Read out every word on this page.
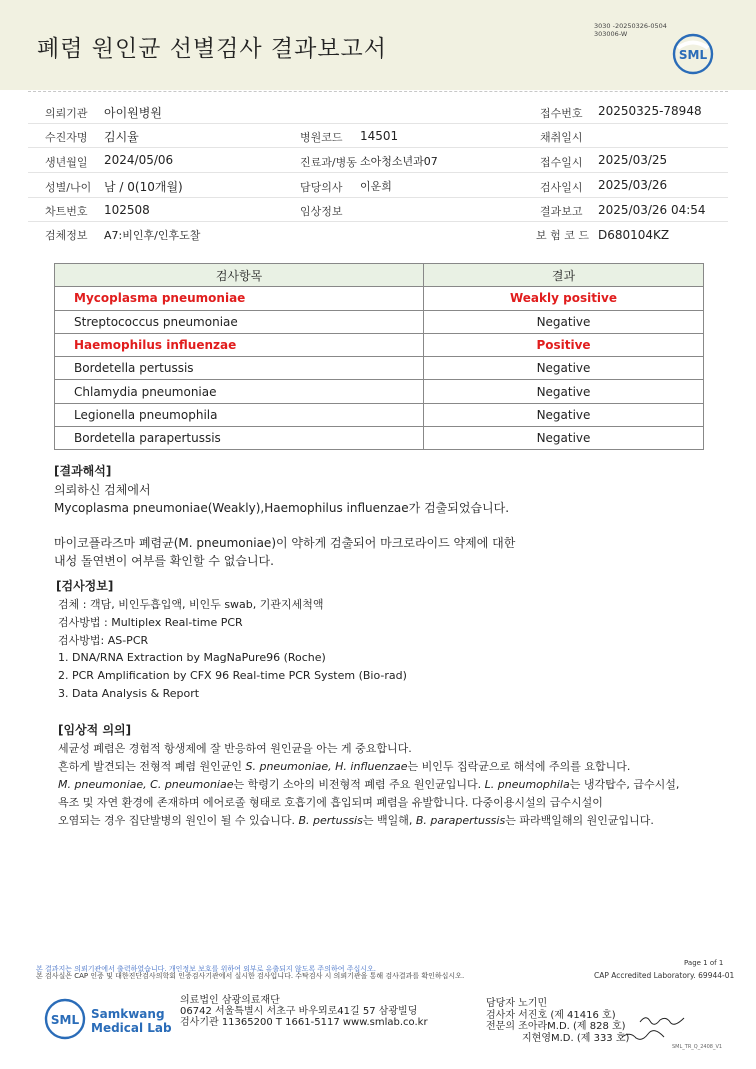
폐렴 원인균 선별검사 결과보고서
3030 -20250326-0504
303006-W
SML
의뢰기관 아이원병원	접수번호 20250325-78948
수진자명 김시율	병원코드 14501	채취일시
생년월일 2024/05/06	진료과/병동 소아청소년과07	접수일시 2025/03/25
성별/나이 남 / 0(10개월)	담당의사 이운희	검사일시 2025/03/26
차트번호 102508	임상정보	결과보고 2025/03/26 04:54
검체정보 A7:비인후/인후도찰	보 험 코 드 D680104KZ
검사항목	결과
Mycoplasma pneumoniae	Weakly positive
Streptococcus pneumoniae	Negative
Haemophilus influenzae	Positive
Bordetella pertussis	Negative
Chlamydia pneumoniae	Negative
Legionella pneumophila	Negative
Bordetella parapertussis	Negative
[결과해석]
의뢰하신 검체에서
Mycoplasma pneumoniae(Weakly),Haemophilus influenzae가 검출되었습니다.
마이코플라즈마 폐렴균(M. pneumoniae)이 약하게 검출되어 마크로라이드 약제에 대한
내성 돌연변이 여부를 확인할 수 없습니다.
[검사정보]
검체 : 객담, 비인두흡입액, 비인두 swab, 기관지세척액
검사방법 : Multiplex Real-time PCR
검사방법: AS-PCR
1. DNA/RNA Extraction by MagNaPure96 (Roche)
2. PCR Amplification by CFX 96 Real-time PCR System (Bio-rad)
3. Data Analysis & Report
[임상적 의의]
세균성 폐렴은 경험적 항생제에 잘 반응하여 원인균을 아는 게 중요합니다.
흔하게 발견되는 전형적 폐렴 원인균인 S. pneumoniae, H. influenzae는 비인두 집락균으로 해석에 주의를 요합니다.
M. pneumoniae, C. pneumoniae는 학령기 소아의 비전형적 폐렴 주요 원인균입니다. L. pneumophila는 냉각탑수, 급수시설,
욕조 및 자연 환경에 존재하며 에어로졸 형태로 호흡기에 흡입되며 폐렴을 유발합니다. 다중이용시설의 급수시설이
오염되는 경우 집단발병의 원인이 될 수 있습니다. B. pertussis는 백일해, B. parapertussis는 파라백일해의 원인균입니다.
Page 1 of 1
본 결과지는 의뢰기관에서 출력하였습니다. 개인정보 보호를 위하여 외부로 유출되지 않도록 주의하여 주십시오.
본 검사실은 CAP 인증 및 대한진단검사의학회 인증검사기관에서 실시한 검사입니다. 수탁검사 시 의뢰기관을 통해 검사결과를 확인하십시오.	CAP Accredited Laboratory. 69944-01
SML Samkwang
Medical Lab
의료법인 삼광의료재단
06742 서울특별시 서초구 바우뫼로41길 57 삼광빌딩
검사기관 11365200 T 1661-5117 www.smlab.co.kr
담당자 노기민
검사자 서진호 (제 41416 호)
전문의 조아라M.D. (제 828 호)
지현영M.D. (제 333 호)
SML_TR_Q_2408_V1
